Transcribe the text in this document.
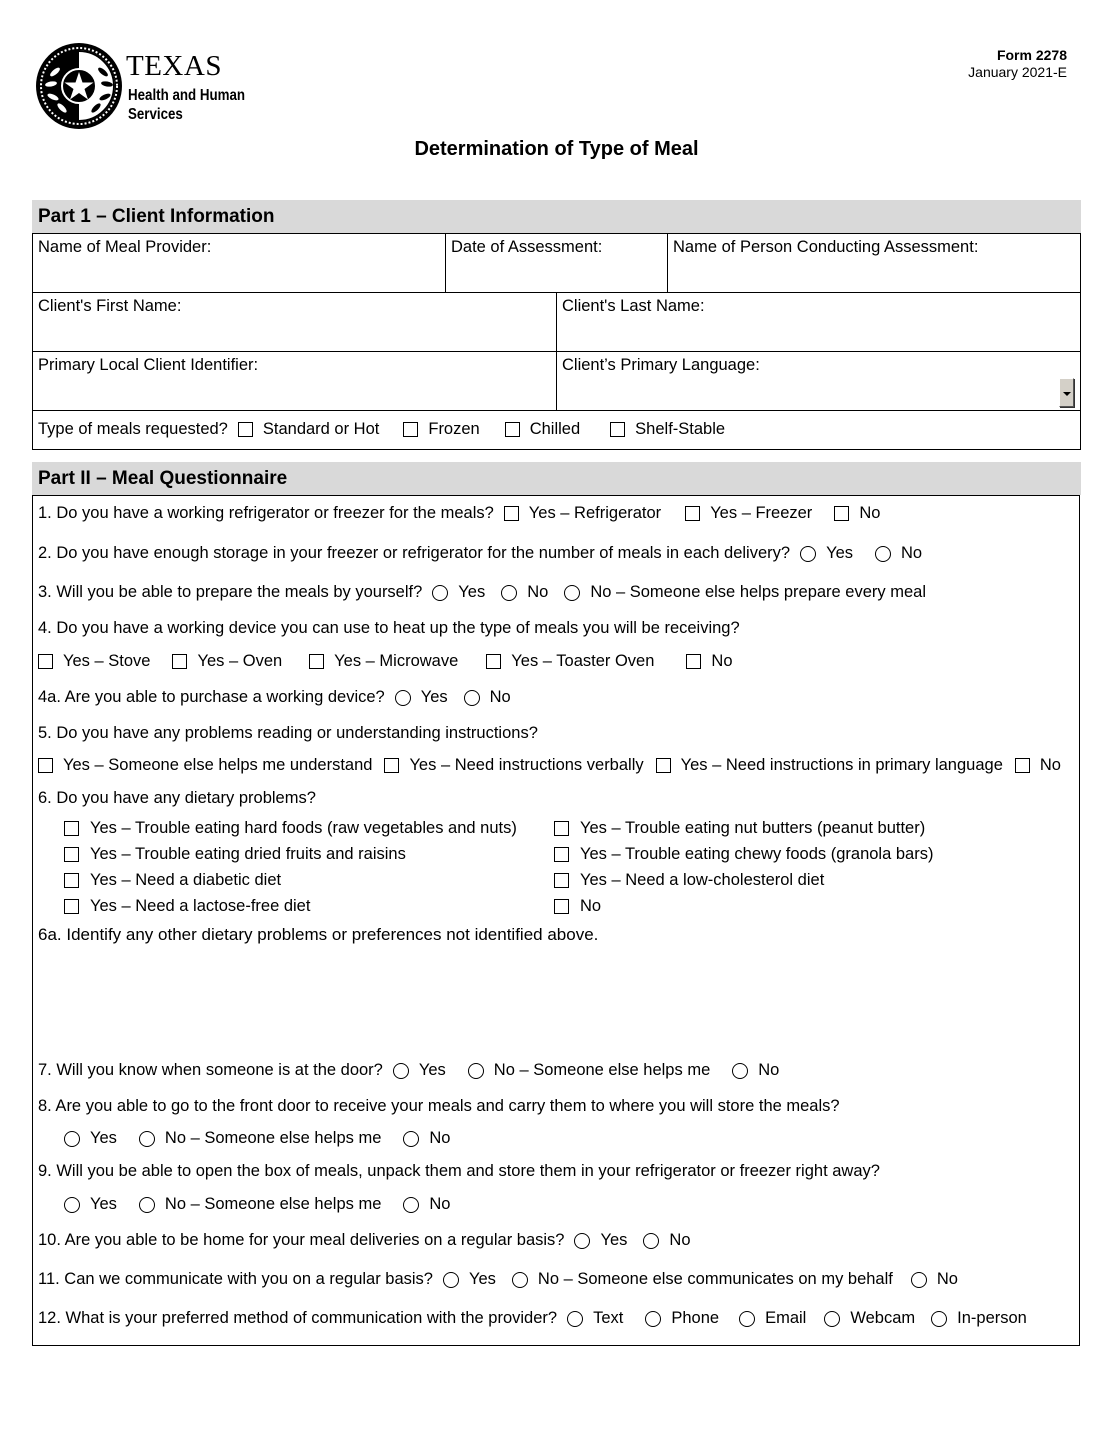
TEXAS
Health and Human
Services
Form 2278
January 2021-E
Determination of Type of Meal
Part 1 – Client Information
Name of Meal Provider:	Date of Assessment:	Name of Person Conducting Assessment:
Client's First Name:	Client's Last Name:
Primary Local Client Identifier:	Client’s Primary Language:
Type of meals requested? Standard or Hot	Frozen	Chilled	Shelf-Stable
Part II – Meal Questionnaire
1. Do you have a working refrigerator or freezer for the meals? Yes – Refrigerator	Yes – Freezer	No
2. Do you have enough storage in your freezer or refrigerator for the number of meals in each delivery? Yes	No
3. Will you be able to prepare the meals by yourself? Yes	No	No – Someone else helps prepare every meal
4. Do you have a working device you can use to heat up the type of meals you will be receiving?
Yes – Stove	Yes – Oven	Yes – Microwave	Yes – Toaster Oven	No
4a. Are you able to purchase a working device? Yes	No
5. Do you have any problems reading or understanding instructions?
Yes – Someone else helps me understand Yes – Need instructions verbally Yes – Need instructions in primary language No
6. Do you have any dietary problems?
Yes – Trouble eating hard foods (raw vegetables and nuts)
Yes – Trouble eating dried fruits and raisins
Yes – Need a diabetic diet
Yes – Need a lactose-free diet
Yes – Trouble eating nut butters (peanut butter)
Yes – Trouble eating chewy foods (granola bars)
Yes – Need a low-cholesterol diet
No
6a. Identify any other dietary problems or preferences not identified above.
7. Will you know when someone is at the door? Yes	No – Someone else helps me	No
8. Are you able to go to the front door to receive your meals and carry them to where you will store the meals?
Yes	No – Someone else helps me	No
9. Will you be able to open the box of meals, unpack them and store them in your refrigerator or freezer right away?
Yes	No – Someone else helps me	No
10. Are you able to be home for your meal deliveries on a regular basis? Yes	No
11. Can we communicate with you on a regular basis? Yes	No – Someone else communicates on my behalf	No
12. What is your preferred method of communication with the provider? Text	Phone	Email	Webcam	In-person
